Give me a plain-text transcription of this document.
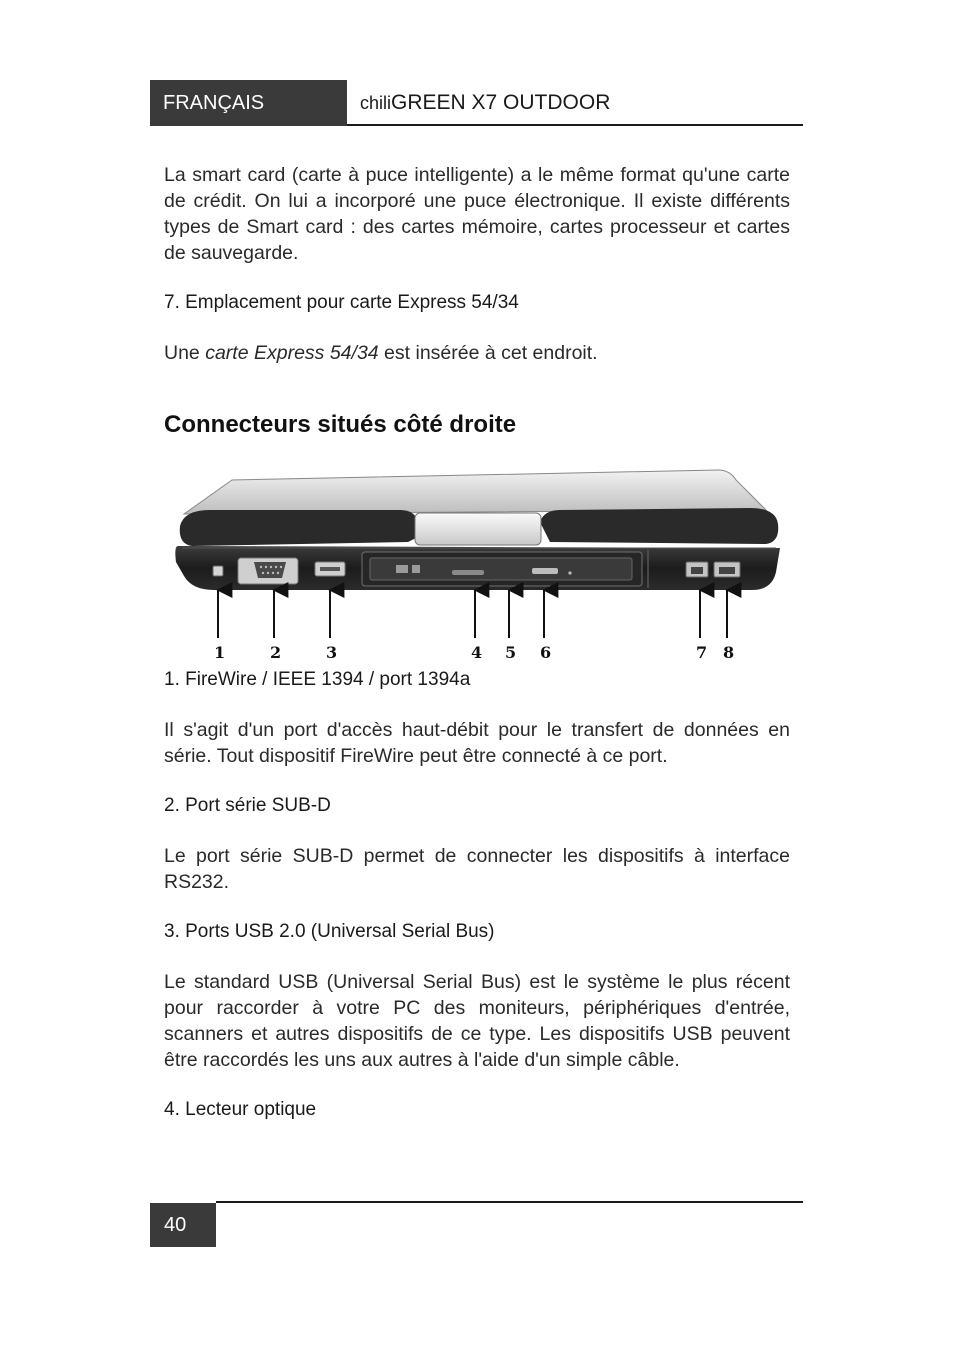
FRANÇAIS	chiliGREEN X7 OUTDOOR

La smart card (carte à puce intelligente) a le même format qu'une carte de crédit. On lui a incorporé une puce électronique. Il existe différents types de Smart card : des cartes mémoire, cartes processeur et cartes de sauvegarde.

7. Emplacement pour carte Express 54/34

Une carte Express 54/34 est insérée à cet endroit.

Connecteurs situés côté droite
1. FireWire / IEEE 1394 / port 1394a

Il s'agit d'un port d'accès haut-débit pour le transfert de données en série. Tout dispositif FireWire peut être connecté à ce port.

2. Port série SUB-D

Le port série SUB-D permet de connecter les dispositifs à interface RS232.

3. Ports USB 2.0 (Universal Serial Bus)

Le standard USB (Universal Serial Bus) est le système le plus récent pour raccorder à votre PC des moniteurs, périphériques d'entrée, scanners et autres dispositifs de ce type. Les dispositifs USB peuvent être raccordés les uns aux autres à l'aide d'un simple câble.

4. Lecteur optique
1	2	3	4 5 6	7 8
40
